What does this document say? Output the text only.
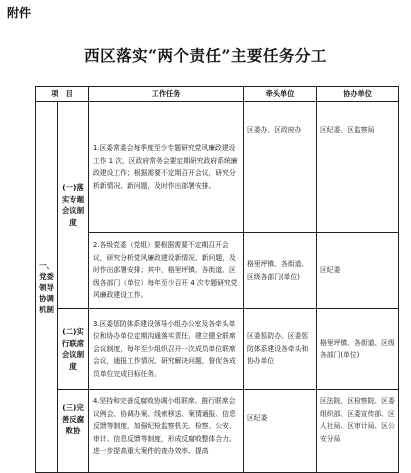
附件
西区落实“两个责任”主要任务分工
项　目		工作任务	牵头单位	协办单位
一、党委领导协调机制	(一)落实专题会议制度	1.区委常委会每季度至少专题研究党风廉政建设工作 1 次，区政府常务会要定期研究政府系统廉政建设工作；根据需要不定期召开会议，研究分析新情况、新问题，及时作出部署安排。	区委办、区政府办	区纪委、区监察局
		2.各级党委（党组）要根据需要不定期召开会议，研究分析党风廉政建设新情况、新问题，及时作出部署安排；其中，格里坪镇、各街道、区级各部门（单位）每年至少召开 4 次专题研究党风廉政建设工作。	格里坪镇、各街道、区级各部门(单位)	区纪委
	(二)实行联席会议制度	3.区委惩防体系建设领导小组办公室及各牵头单位和协办单位定期沟通落实责任、建立健全联席会议制度，每年至少组织召开一次成员单位联席会议，通报工作情况、研究解决问题，督促各成员单位完成目标任务。	区委惩防办、区委惩防体系建设各牵头和协办单位	格里坪镇、各街道、区级各部门(单位)
	(三)完善反腐败协	4.坚持和完善反腐败协调小组联席、推行联席会议例会、协调办案、线索移送、案情通报、信息反馈等制度，加强纪检监察机关、检察、公安、审计、信息反馈等制度，形成反腐败整体合力。进一步提高重大案件的查办效率、提高	区纪委	区法院、区检察院、区委组织部、区委宣传部、区人社局、区审计局、区公安分局
